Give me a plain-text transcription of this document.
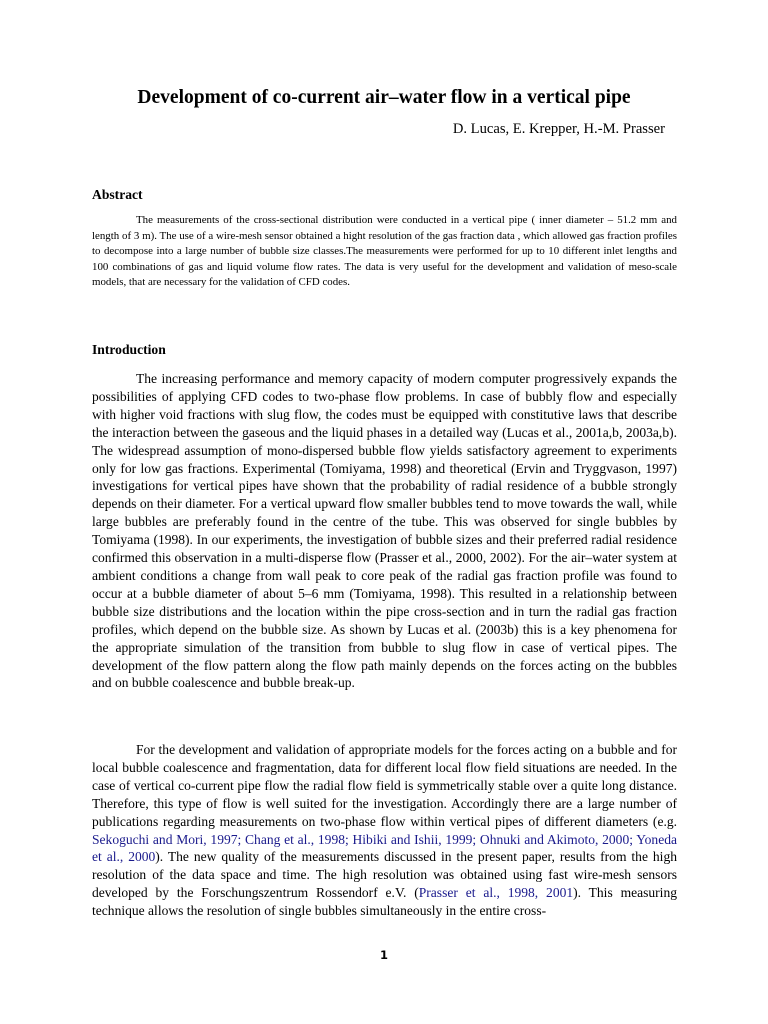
Development of co-current air–water flow in a vertical pipe
D. Lucas, E. Krepper, H.-M. Prasser
Abstract

The measurements of the cross-sectional distribution were conducted in a vertical pipe ( inner diameter – 51.2 mm and length of 3 m). The use of a wire-mesh sensor obtained a hight resolution of the gas fraction data , which allowed gas fraction profiles to decompose into a large number of bubble size classes.The measurements were performed for up to 10 different inlet lengths and 100 combinations of gas and liquid volume flow rates. The data is very useful for the development and validation of meso-scale models, that are necessary for the validation of CFD codes.

Introduction

The increasing performance and memory capacity of modern computer progressively expands the possibilities of applying CFD codes to two-phase flow problems. In case of bubbly flow and especially with higher void fractions with slug flow, the codes must be equipped with constitutive laws that describe the interaction between the gaseous and the liquid phases in a detailed way (Lucas et al., 2001a,b, 2003a,b). The widespread assumption of mono-dispersed bubble flow yields satisfactory agreement to experiments only for low gas fractions. Experimental (Tomiyama, 1998) and theoretical (Ervin and Tryggvason, 1997) investigations for vertical pipes have shown that the probability of radial residence of a bubble strongly depends on their diameter. For a vertical upward flow smaller bubbles tend to move towards the wall, while large bubbles are preferably found in the centre of the tube. This was observed for single bubbles by Tomiyama (1998). In our experiments, the investigation of bubble sizes and their preferred radial residence confirmed this observation in a multi-disperse flow (Prasser et al., 2000, 2002). For the air–water system at ambient conditions a change from wall peak to core peak of the radial gas fraction profile was found to occur at a bubble diameter of about 5–6 mm (Tomiyama, 1998). This resulted in a relationship between bubble size distributions and the location within the pipe cross-section and in turn the radial gas fraction profiles, which depend on the bubble size. As shown by Lucas et al. (2003b) this is a key phenomena for the appropriate simulation of the transition from bubble to slug flow in case of vertical pipes. The development of the flow pattern along the flow path mainly depends on the forces acting on the bubbles and on bubble coalescence and bubble break-up.

For the development and validation of appropriate models for the forces acting on a bubble and for local bubble coalescence and fragmentation, data for different local flow field situations are needed. In the case of vertical co-current pipe flow the radial flow field is symmetrically stable over a quite long distance. Therefore, this type of flow is well suited for the investigation. Accordingly there are a large number of publications regarding measurements on two-phase flow within vertical pipes of different diameters (e.g. Sekoguchi and Mori, 1997; Chang et al., 1998; Hibiki and Ishii, 1999; Ohnuki and Akimoto, 2000; Yoneda et al., 2000). The new quality of the measurements discussed in the present paper, results from the high resolution of the data space and time. The high resolution was obtained using fast wire-mesh sensors developed by the Forschungszentrum Rossendorf e.V. (Prasser et al., 1998, 2001). This measuring technique allows the resolution of single bubbles simultaneously in the entire cross-

1
